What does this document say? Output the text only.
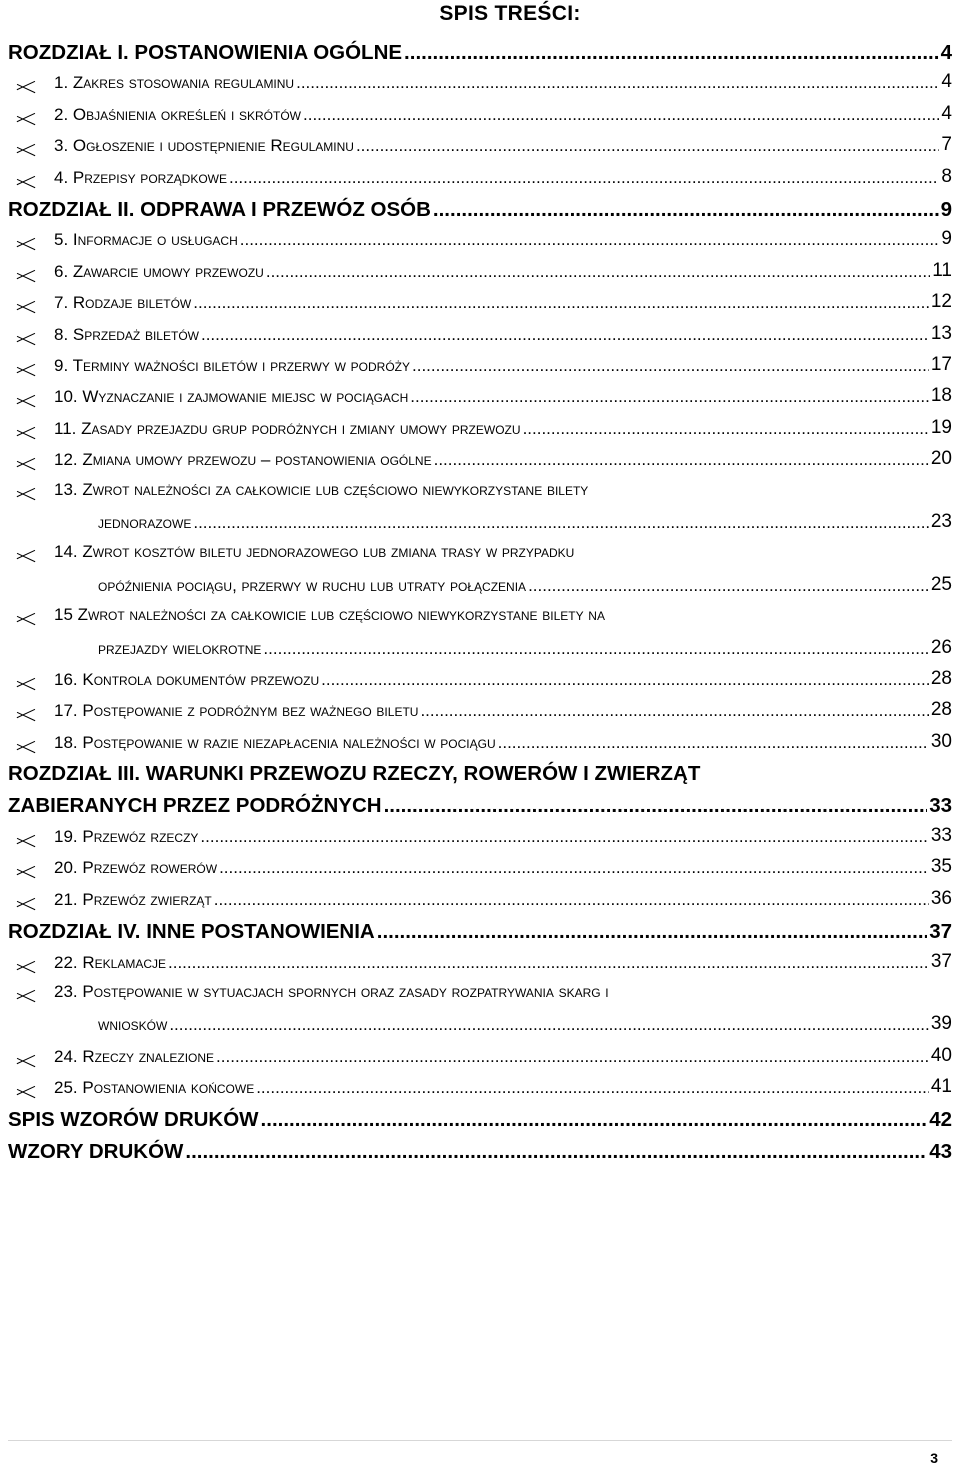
SPIS TREŚCI:
ROZDZIAŁ I. POSTANOWIENIA OGÓLNE .....	4
1. Zakres stosowania regulaminu .....	4
2. Objaśnienia określeń i skrótów .....	4
3. Ogłoszenie i udostępnienie Regulaminu .....	7
4. Przepisy porządkowe .....	8
ROZDZIAŁ II. ODPRAWA I PRZEWÓZ OSÓB .....	9
5. Informacje o usługach .....	9
6. Zawarcie umowy przewozu .....	11
7. Rodzaje biletów .....	12
8. Sprzedaż biletów .....	13
9. Terminy ważności biletów i przerwy w podróży .....	17
10. Wyznaczanie i zajmowanie miejsc w pociągach .....	18
11. Zasady przejazdu grup podróżnych i zmiany umowy przewozu .....	19
12. Zmiana umowy przewozu – postanowienia ogólne .....	20
13. Zwrot należności za całkowicie lub częściowo niewykorzystane bilety
jednorazowe .....	23
14. Zwrot kosztów biletu jednorazowego lub zmiana trasy w przypadku
opóźnienia pociągu, przerwy w ruchu lub utraty połączenia .....	25
15 Zwrot należności za całkowicie lub częściowo niewykorzystane bilety na
przejazdy wielokrotne .....	26
16. Kontrola dokumentów przewozu .....	28
17. Postępowanie z podróżnym bez ważnego biletu .....	28
18. Postępowanie w razie niezapłacenia należności w pociągu .....	30
ROZDZIAŁ III. WARUNKI PRZEWOZU RZECZY, ROWERÓW I ZWIERZĄT
ZABIERANYCH PRZEZ PODRÓŻNYCH .....	33
19. Przewóz rzeczy .....	33
20. Przewóz rowerów .....	35
21. Przewóz zwierząt .....	36
ROZDZIAŁ IV. INNE POSTANOWIENIA .....	37
22. Reklamacje .....	37
23. Postępowanie w sytuacjach spornych oraz zasady rozpatrywania skarg i
wniosków .....	39
24. Rzeczy znalezione .....	40
25. Postanowienia końcowe .....	41
SPIS WZORÓW DRUKÓW .....	42
WZORY DRUKÓW .....	43
3
